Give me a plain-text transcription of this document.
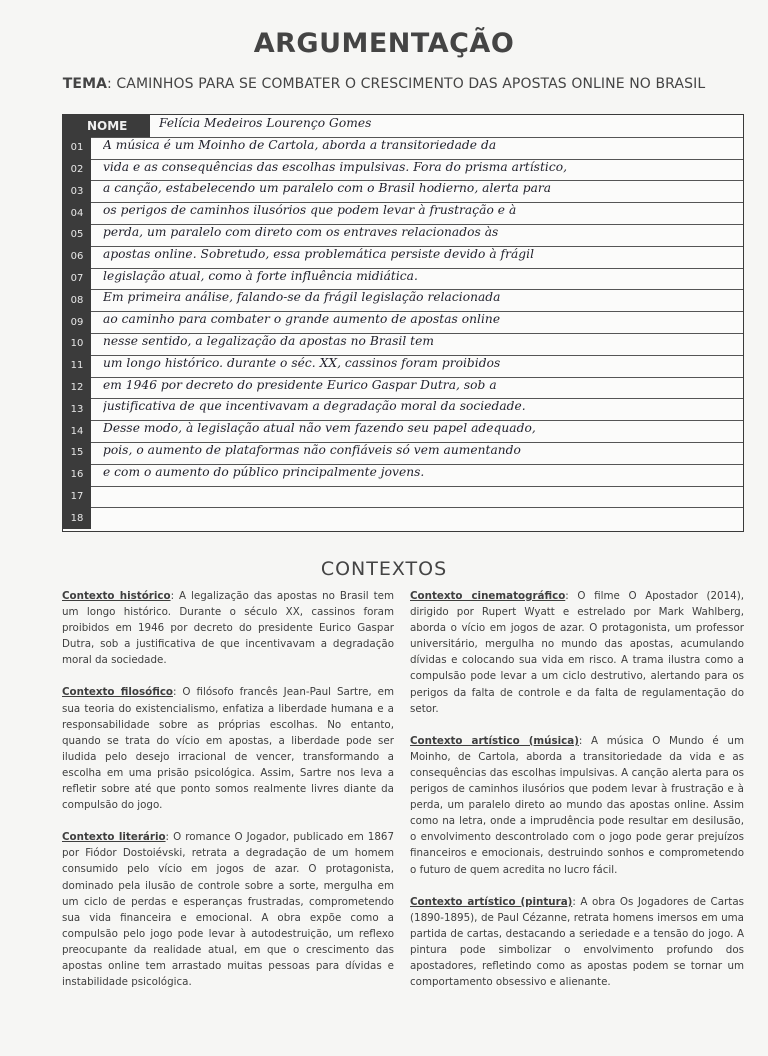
ARGUMENTAÇÃO
TEMA: CAMINHOS PARA SE COMBATER O CRESCIMENTO DAS APOSTAS ONLINE NO BRASIL
NOME	Felícia Medeiros Lourenço Gomes
01	A música é um Moinho de Cartola, aborda a transitoriedade da
02	vida e as consequências das escolhas impulsivas. Fora do prisma artístico,
03	a canção, estabelecendo um paralelo com o Brasil hodierno, alerta para
04	os perigos de caminhos ilusórios que podem levar à frustração e à
05	perda, um paralelo com direto com os entraves relacionados às
06	apostas online. Sobretudo, essa problemática persiste devido à frágil
07	legislação atual, como à forte influência midiática.
08	Em primeira análise, falando-se da frágil legislação relacionada
09	ao caminho para combater o grande aumento de apostas online
10	nesse sentido, a legalização da apostas no Brasil tem
11	um longo histórico. durante o séc. XX, cassinos foram proibidos
12	em 1946 por decreto do presidente Eurico Gaspar Dutra, sob a
13	justificativa de que incentivavam a degradação moral da sociedade.
14	Desse modo, à legislação atual não vem fazendo seu papel adequado,
15	pois, o aumento de plataformas não confiáveis só vem aumentando
16	e com o aumento do público principalmente jovens.
17
18
CONTEXTOS

Contexto histórico: A legalização das apostas no Brasil tem um longo histórico. Durante o século XX, cassinos foram proibidos em 1946 por decreto do presidente Eurico Gaspar Dutra, sob a justificativa de que incentivavam a degradação moral da sociedade.

Contexto filosófico: O filósofo francês Jean-Paul Sartre, em sua teoria do existencialismo, enfatiza a liberdade humana e a responsabilidade sobre as próprias escolhas. No entanto, quando se trata do vício em apostas, a liberdade pode ser iludida pelo desejo irracional de vencer, transformando a escolha em uma prisão psicológica. Assim, Sartre nos leva a refletir sobre até que ponto somos realmente livres diante da compulsão do jogo.

Contexto literário: O romance O Jogador, publicado em 1867 por Fiódor Dostoiévski, retrata a degradação de um homem consumido pelo vício em jogos de azar. O protagonista, dominado pela ilusão de controle sobre a sorte, mergulha em um ciclo de perdas e esperanças frustradas, comprometendo sua vida financeira e emocional. A obra expõe como a compulsão pelo jogo pode levar à autodestruição, um reflexo preocupante da realidade atual, em que o crescimento das apostas online tem arrastado muitas pessoas para dívidas e instabilidade psicológica.

Contexto cinematográfico: O filme O Apostador (2014), dirigido por Rupert Wyatt e estrelado por Mark Wahlberg, aborda o vício em jogos de azar. O protagonista, um professor universitário, mergulha no mundo das apostas, acumulando dívidas e colocando sua vida em risco. A trama ilustra como a compulsão pode levar a um ciclo destrutivo, alertando para os perigos da falta de controle e da falta de regulamentação do setor.

Contexto artístico (música): A música O Mundo é um Moinho, de Cartola, aborda a transitoriedade da vida e as consequências das escolhas impulsivas. A canção alerta para os perigos de caminhos ilusórios que podem levar à frustração e à perda, um paralelo direto ao mundo das apostas online. Assim como na letra, onde a imprudência pode resultar em desilusão, o envolvimento descontrolado com o jogo pode gerar prejuízos financeiros e emocionais, destruindo sonhos e comprometendo o futuro de quem acredita no lucro fácil.

Contexto artístico (pintura): A obra Os Jogadores de Cartas (1890-1895), de Paul Cézanne, retrata homens imersos em uma partida de cartas, destacando a seriedade e a tensão do jogo. A pintura pode simbolizar o envolvimento profundo dos apostadores, refletindo como as apostas podem se tornar um comportamento obsessivo e alienante.
